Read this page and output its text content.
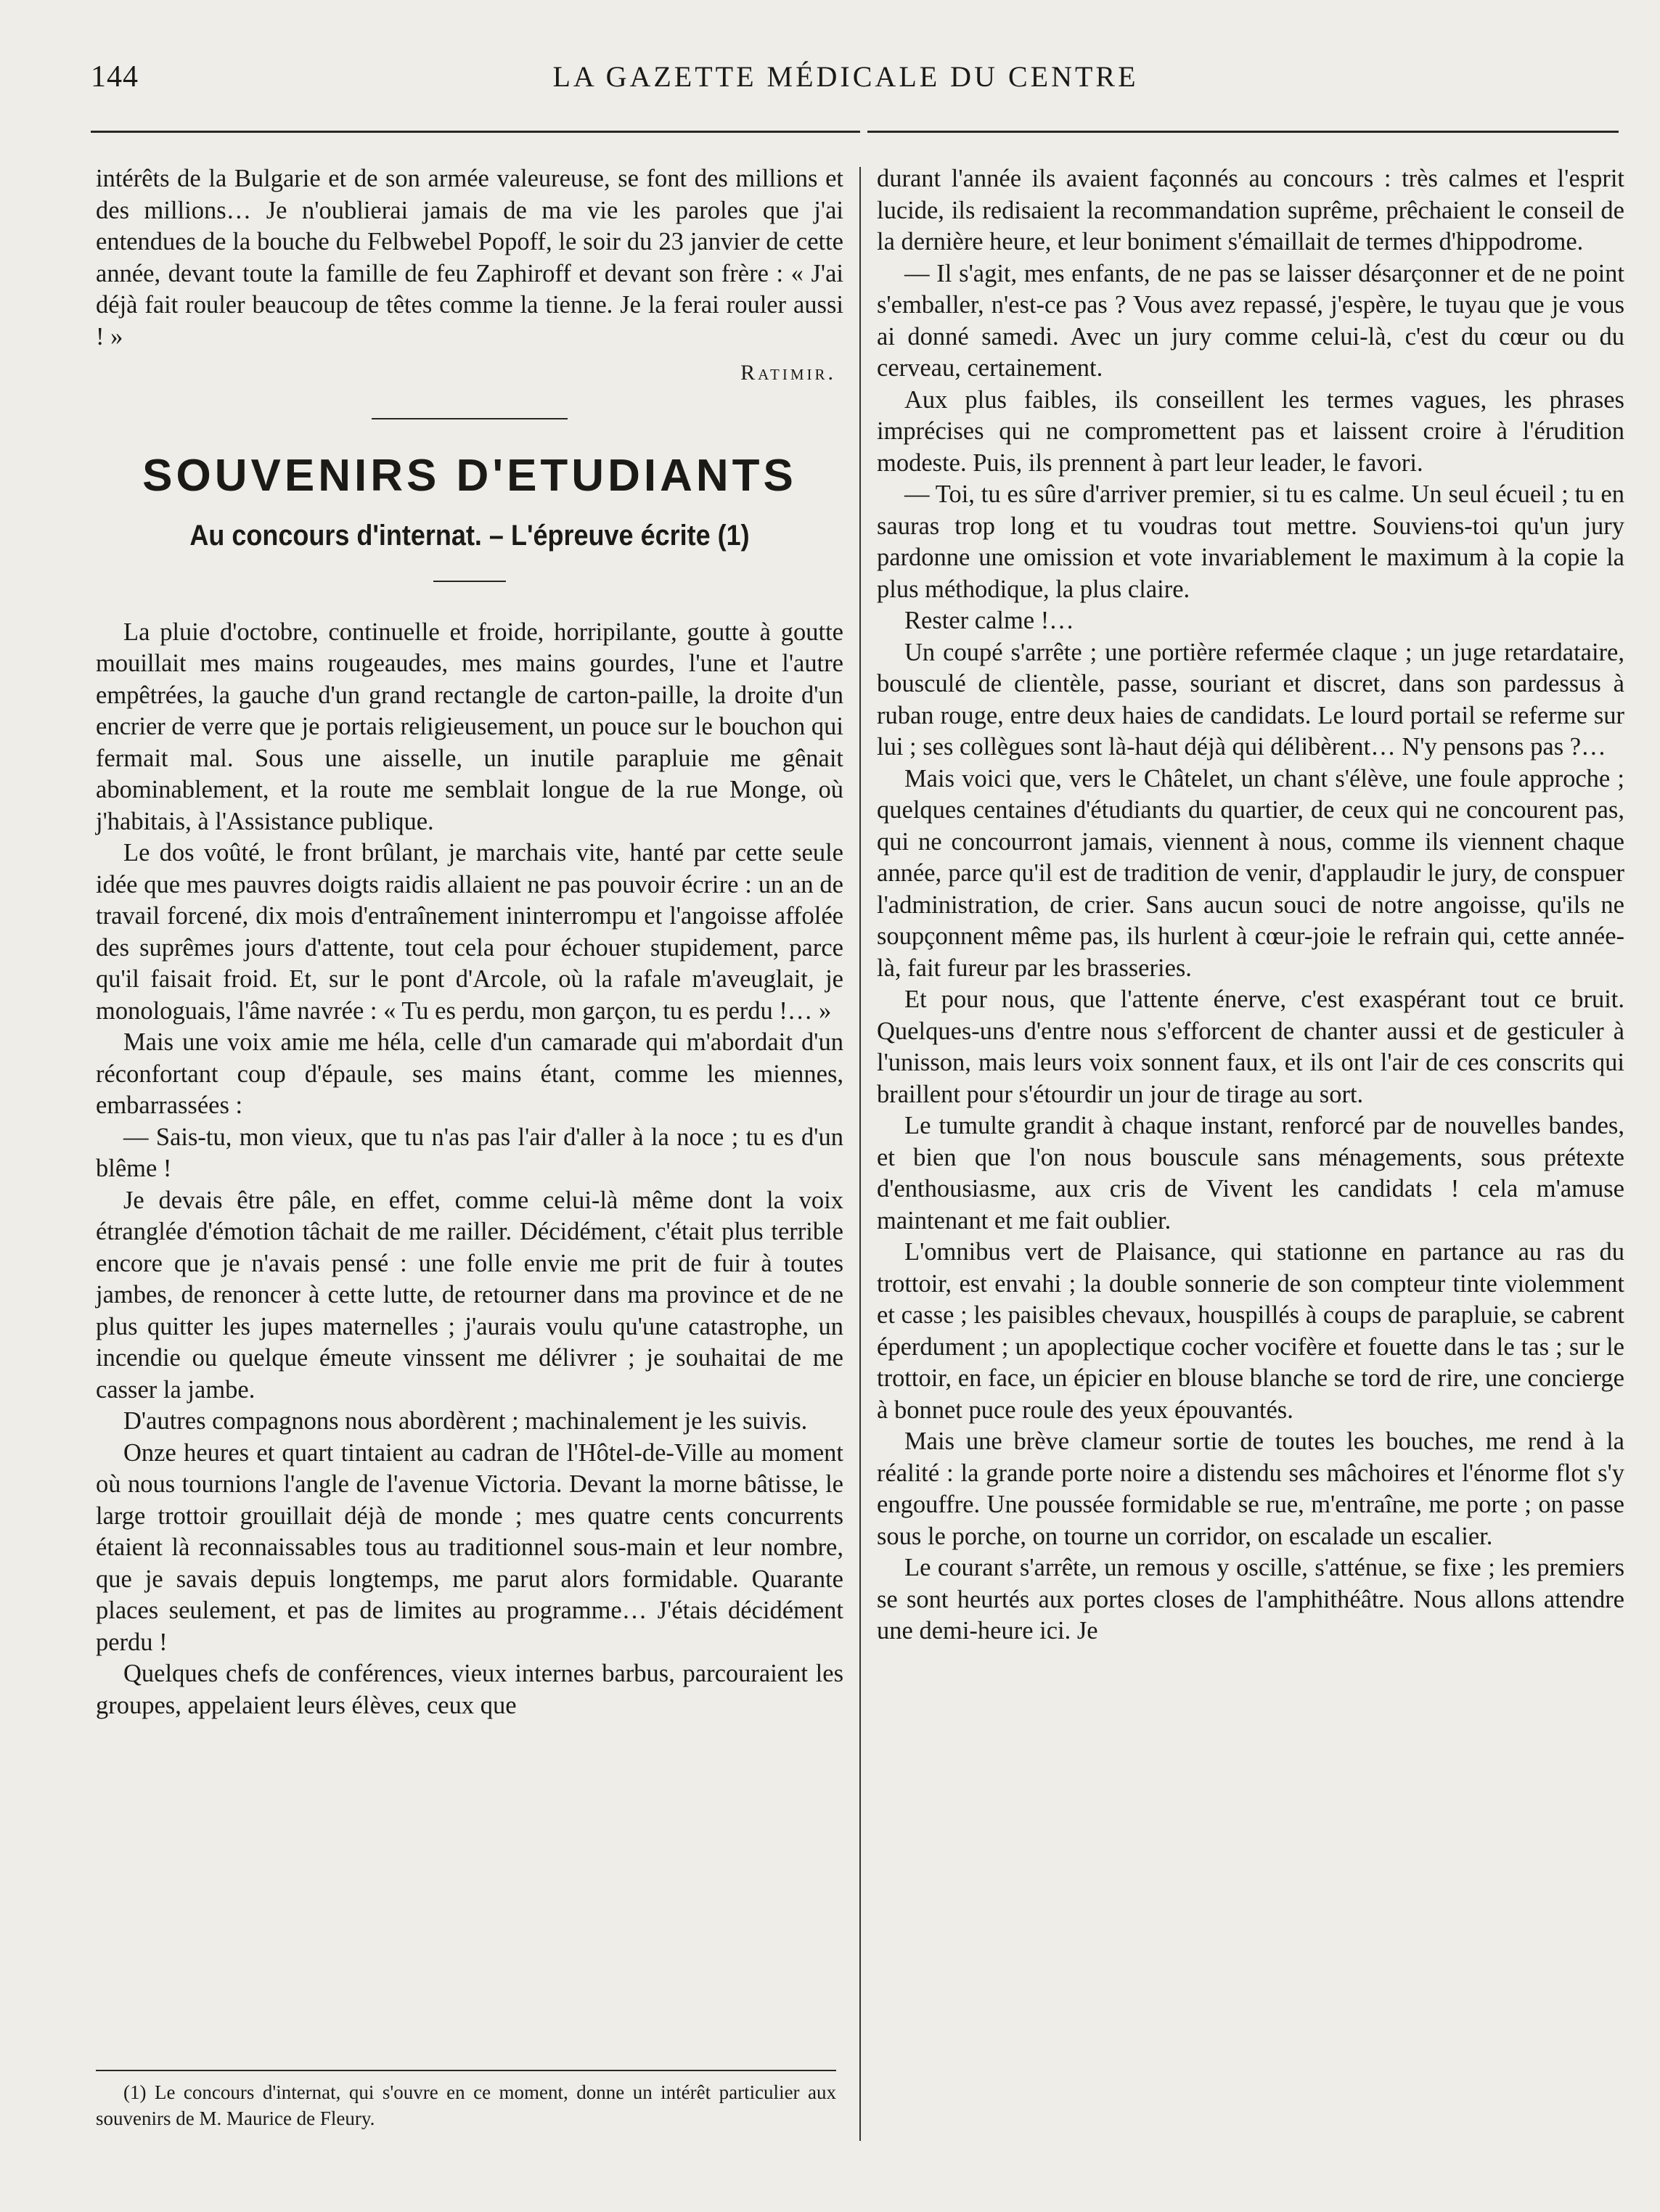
144	LA GAZETTE MÉDICALE DU CENTRE

intérêts de la Bulgarie et de son armée valeureuse, se font des millions et des millions… Je n'oublierai jamais de ma vie les paroles que j'ai entendues de la bouche du Felbwebel Popoff, le soir du 23 janvier de cette année, devant toute la famille de feu Zaphiroff et devant son frère : « J'ai déjà fait rouler beaucoup de têtes comme la tienne. Je la ferai rouler aussi ! »

Ratimir.
SOUVENIRS D'ETUDIANTS
Au concours d'internat. – L'épreuve écrite (1)

La pluie d'octobre, continuelle et froide, horripilante, goutte à goutte mouillait mes mains rougeaudes, mes mains gourdes, l'une et l'autre empêtrées, la gauche d'un grand rectangle de carton-paille, la droite d'un encrier de verre que je portais religieusement, un pouce sur le bouchon qui fermait mal. Sous une aisselle, un inutile parapluie me gênait abominablement, et la route me semblait longue de la rue Monge, où j'habitais, à l'Assistance publique.

Le dos voûté, le front brûlant, je marchais vite, hanté par cette seule idée que mes pauvres doigts raidis allaient ne pas pouvoir écrire : un an de travail forcené, dix mois d'entraînement ininterrompu et l'angoisse affolée des suprêmes jours d'attente, tout cela pour échouer stupidement, parce qu'il faisait froid. Et, sur le pont d'Arcole, où la rafale m'aveuglait, je monologuais, l'âme navrée : « Tu es perdu, mon garçon, tu es perdu !… »

Mais une voix amie me héla, celle d'un camarade qui m'abordait d'un réconfortant coup d'épaule, ses mains étant, comme les miennes, embarrassées :

— Sais-tu, mon vieux, que tu n'as pas l'air d'aller à la noce ; tu es d'un blême !

Je devais être pâle, en effet, comme celui-là même dont la voix étranglée d'émotion tâchait de me railler. Décidément, c'était plus terrible encore que je n'avais pensé : une folle envie me prit de fuir à toutes jambes, de renoncer à cette lutte, de retourner dans ma province et de ne plus quitter les jupes maternelles ; j'aurais voulu qu'une catastrophe, un incendie ou quelque émeute vinssent me délivrer ; je souhaitai de me casser la jambe.

D'autres compagnons nous abordèrent ; machinalement je les suivis.

Onze heures et quart tintaient au cadran de l'Hôtel-de-Ville au moment où nous tournions l'angle de l'avenue Victoria. Devant la morne bâtisse, le large trottoir grouillait déjà de monde ; mes quatre cents concurrents étaient là reconnaissables tous au traditionnel sous-main et leur nombre, que je savais depuis longtemps, me parut alors formidable. Quarante places seulement, et pas de limites au programme… J'étais décidément perdu !

Quelques chefs de conférences, vieux internes barbus, parcouraient les groupes, appelaient leurs élèves, ceux que

(1) Le concours d'internat, qui s'ouvre en ce moment, donne un intérêt particulier aux souvenirs de M. Maurice de Fleury.

durant l'année ils avaient façonnés au concours : très calmes et l'esprit lucide, ils redisaient la recommandation suprême, prêchaient le conseil de la dernière heure, et leur boniment s'émaillait de termes d'hippodrome.

— Il s'agit, mes enfants, de ne pas se laisser désarçonner et de ne point s'emballer, n'est-ce pas ? Vous avez repassé, j'espère, le tuyau que je vous ai donné samedi. Avec un jury comme celui-là, c'est du cœur ou du cerveau, certainement.

Aux plus faibles, ils conseillent les termes vagues, les phrases imprécises qui ne compromettent pas et laissent croire à l'érudition modeste. Puis, ils prennent à part leur leader, le favori.

— Toi, tu es sûre d'arriver premier, si tu es calme. Un seul écueil ; tu en sauras trop long et tu voudras tout mettre. Souviens-toi qu'un jury pardonne une omission et vote invariablement le maximum à la copie la plus méthodique, la plus claire.

Rester calme !…

Un coupé s'arrête ; une portière refermée claque ; un juge retardataire, bousculé de clientèle, passe, souriant et discret, dans son pardessus à ruban rouge, entre deux haies de candidats. Le lourd portail se referme sur lui ; ses collègues sont là-haut déjà qui délibèrent… N'y pensons pas ?…

Mais voici que, vers le Châtelet, un chant s'élève, une foule approche ; quelques centaines d'étudiants du quartier, de ceux qui ne concourent pas, qui ne concourront jamais, viennent à nous, comme ils viennent chaque année, parce qu'il est de tradition de venir, d'applaudir le jury, de conspuer l'administration, de crier. Sans aucun souci de notre angoisse, qu'ils ne soupçonnent même pas, ils hurlent à cœur-joie le refrain qui, cette année-là, fait fureur par les brasseries.

Et pour nous, que l'attente énerve, c'est exaspérant tout ce bruit. Quelques-uns d'entre nous s'efforcent de chanter aussi et de gesticuler à l'unisson, mais leurs voix sonnent faux, et ils ont l'air de ces conscrits qui braillent pour s'étourdir un jour de tirage au sort.

Le tumulte grandit à chaque instant, renforcé par de nouvelles bandes, et bien que l'on nous bouscule sans ménagements, sous prétexte d'enthousiasme, aux cris de Vivent les candidats ! cela m'amuse maintenant et me fait oublier.

L'omnibus vert de Plaisance, qui stationne en partance au ras du trottoir, est envahi ; la double sonnerie de son compteur tinte violemment et casse ; les paisibles chevaux, houspillés à coups de parapluie, se cabrent éperdument ; un apoplectique cocher vocifère et fouette dans le tas ; sur le trottoir, en face, un épicier en blouse blanche se tord de rire, une concierge à bonnet puce roule des yeux épouvantés.

Mais une brève clameur sortie de toutes les bouches, me rend à la réalité : la grande porte noire a distendu ses mâchoires et l'énorme flot s'y engouffre. Une poussée formidable se rue, m'entraîne, me porte ; on passe sous le porche, on tourne un corridor, on escalade un escalier.

Le courant s'arrête, un remous y oscille, s'atténue, se fixe ; les premiers se sont heurtés aux portes closes de l'amphithéâtre. Nous allons attendre une demi-heure ici. Je
